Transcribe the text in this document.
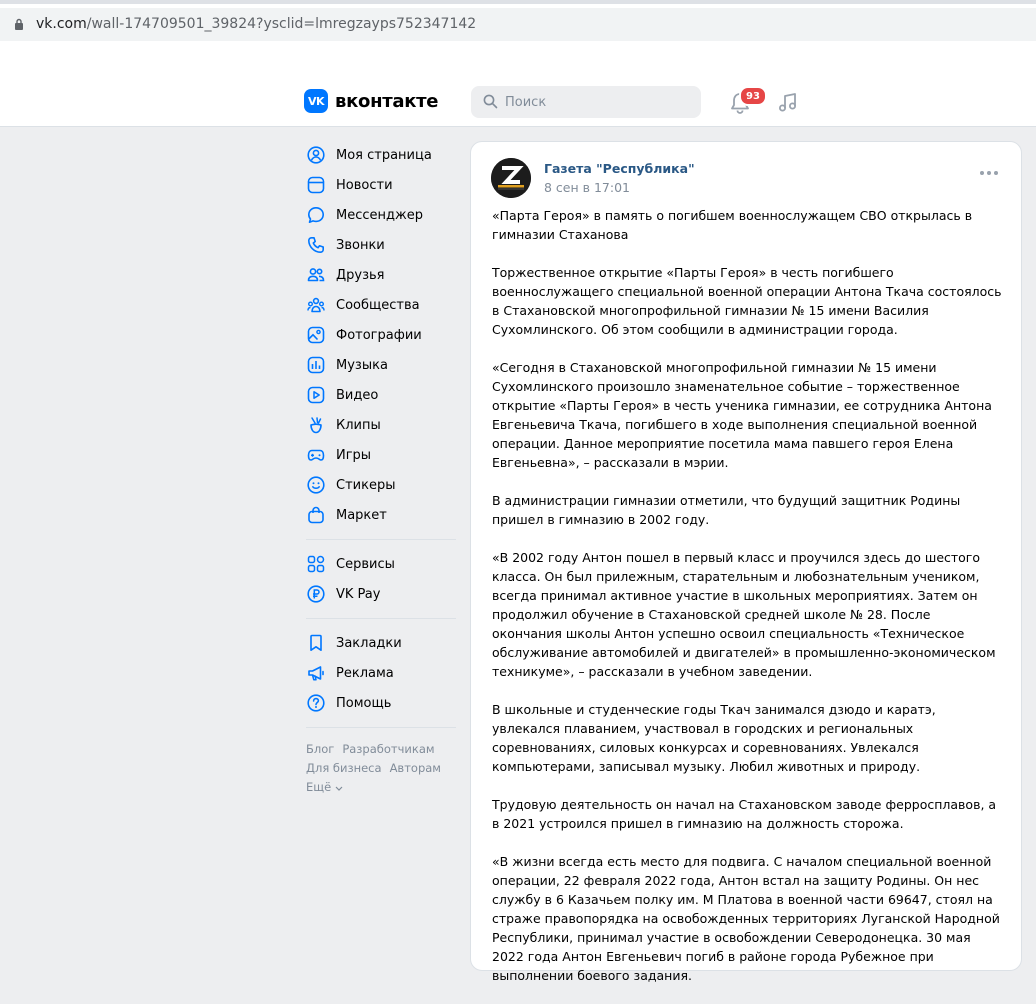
vk.com/wall-174709501_39824?ysclid=lmregzayps752347142
VK вконтакте
Поиск	93
Моя страница
Новости
Мессенджер
Звонки
Друзья
Сообщества
Фотографии
Музыка
Видео
Клипы
Игры
Стикеры
Маркет
Сервисы
VK Pay
Закладки
Реклама
Помощь
Блог Разработчикам
Для бизнеса Авторам
Ещё
Газета "Республика"
8 сен в 17:01

«Парта Героя» в память о погибшем военнослужащем СВО открылась в гимназии Стаханова

Торжественное открытие «Парты Героя» в честь погибшего военнослужащего специальной военной операции Антона Ткача состоялось в Стахановской многопрофильной гимназии № 15 имени Василия Сухомлинского. Об этом сообщили в администрации города.

«Сегодня в Стахановской многопрофильной гимназии № 15 имени Сухомлинского произошло знаменательное событие – торжественное открытие «Парты Героя» в честь ученика гимназии, ее сотрудника Антона Евгеньевича Ткача, погибшего в ходе выполнения специальной военной операции. Данное мероприятие посетила мама павшего героя Елена Евгеньевна», – рассказали в мэрии.

В администрации гимназии отметили, что будущий защитник Родины пришел в гимназию в 2002 году.

«В 2002 году Антон пошел в первый класс и проучился здесь до шестого класса. Он был прилежным, старательным и любознательным учеником, всегда принимал активное участие в школьных мероприятиях. Затем он продолжил обучение в Стахановской средней школе № 28. После окончания школы Антон успешно освоил специальность «Техническое обслуживание автомобилей и двигателей» в промышленно-экономическом техникуме», – рассказали в учебном заведении.

В школьные и студенческие годы Ткач занимался дзюдо и каратэ, увлекался плаванием, участвовал в городских и региональных соревнованиях, силовых конкурсах и соревнованиях. Увлекался компьютерами, записывал музыку. Любил животных и природу.

Трудовую деятельность он начал на Стахановском заводе ферросплавов, а в 2021 устроился пришел в гимназию на должность сторожа.

«В жизни всегда есть место для подвига. С началом специальной военной операции, 22 февраля 2022 года, Антон встал на защиту Родины. Он нес службу в 6 Казачьем полку им. М Платова в военной части 69647, стоял на страже правопорядка на освобожденных территориях Луганской Народной Республики, принимал участие в освобождении Северодонецка. 30 мая 2022 года Антон Евгеньевич погиб в районе города Рубежное при выполнении боевого задания.
